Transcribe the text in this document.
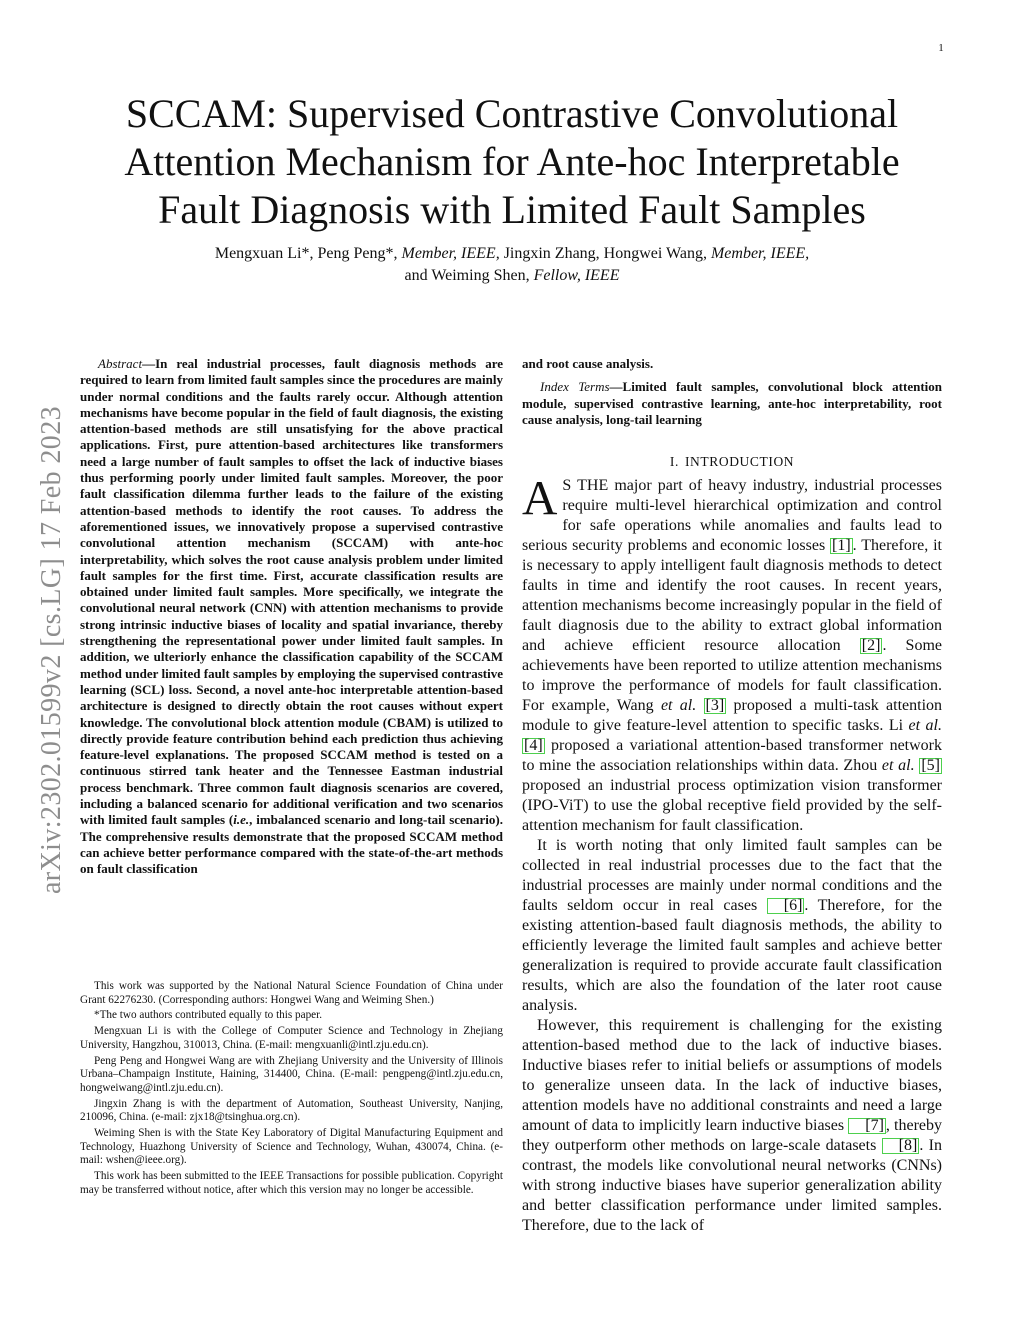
1
SCCAM: Supervised Contrastive Convolutional
Attention Mechanism for Ante-hoc Interpretable
Fault Diagnosis with Limited Fault Samples
Mengxuan Li*, Peng Peng*, Member, IEEE, Jingxin Zhang, Hongwei Wang, Member, IEEE,
and Weiming Shen, Fellow, IEEE
arXiv:2302.01599v2 [cs.LG] 17 Feb 2023

Abstract—In real industrial processes, fault diagnosis methods are required to learn from limited fault samples since the procedures are mainly under normal conditions and the faults rarely occur. Although attention mechanisms have become popular in the field of fault diagnosis, the existing attention-based methods are still unsatisfying for the above practical applications. First, pure attention-based architectures like transformers need a large number of fault samples to offset the lack of inductive biases thus performing poorly under limited fault samples. Moreover, the poor fault classification dilemma further leads to the failure of the existing attention-based methods to identify the root causes. To address the aforementioned issues, we innovatively propose a supervised contrastive convolutional attention mechanism (SCCAM) with ante-hoc interpretability, which solves the root cause analysis problem under limited fault samples for the first time. First, accurate classification results are obtained under limited fault samples. More specifically, we integrate the convolutional neural network (CNN) with attention mechanisms to provide strong intrinsic inductive biases of locality and spatial invariance, thereby strengthening the representational power under limited fault samples. In addition, we ulteriorly enhance the classification capability of the SCCAM method under limited fault samples by employing the supervised contrastive learning (SCL) loss. Second, a novel ante-hoc interpretable attention-based architecture is designed to directly obtain the root causes without expert knowledge. The convolutional block attention module (CBAM) is utilized to directly provide feature contribution behind each prediction thus achieving feature-level explanations. The proposed SCCAM method is tested on a continuous stirred tank heater and the Tennessee Eastman industrial process benchmark. Three common fault diagnosis scenarios are covered, including a balanced scenario for additional verification and two scenarios with limited fault samples (i.e., imbalanced scenario and long-tail scenario). The comprehensive results demonstrate that the proposed SCCAM method can achieve better performance compared with the state-of-the-art methods on fault classification

This work was supported by the National Natural Science Foundation of China under Grant 62276230. (Corresponding authors: Hongwei Wang and Weiming Shen.)

*The two authors contributed equally to this paper.

Mengxuan Li is with the College of Computer Science and Technology in Zhejiang University, Hangzhou, 310013, China. (E-mail: mengxuanli@intl.zju.edu.cn).

Peng Peng and Hongwei Wang are with Zhejiang University and the University of Illinois Urbana–Champaign Institute, Haining, 314400, China. (E-mail: pengpeng@intl.zju.edu.cn, hongweiwang@intl.zju.edu.cn).

Jingxin Zhang is with the department of Automation, Southeast University, Nanjing, 210096, China. (e-mail: zjx18@tsinghua.org.cn).

Weiming Shen is with the State Key Laboratory of Digital Manufacturing Equipment and Technology, Huazhong University of Science and Technology, Wuhan, 430074, China. (e-mail: wshen@ieee.org).

This work has been submitted to the IEEE Transactions for possible publication. Copyright may be transferred without notice, after which this version may no longer be accessible.

and root cause analysis.

Index Terms—Limited fault samples, convolutional block attention module, supervised contrastive learning, ante-hoc interpretability, root cause analysis, long-tail learning

I. INTRODUCTION

A S THE major part of heavy industry, industrial processes require multi-level hierarchical optimization and control for safe operations while anomalies and faults lead to serious security problems and economic losses [1] . Therefore, it is necessary to apply intelligent fault diagnosis methods to detect faults in time and identify the root causes. In recent years, attention mechanisms become increasingly popular in the field of fault diagnosis due to the ability to extract global information and achieve efficient resource allocation [2] . Some achievements have been reported to utilize attention mechanisms to improve the performance of models for fault classification. For example, Wang et al. [3] proposed a multi-task attention module to give feature-level attention to specific tasks. Li et al. [4] proposed a variational attention-based transformer network to mine the association relationships within data. Zhou et al. [5] proposed an industrial process optimization vision transformer (IPO-ViT) to use the global receptive field provided by the self-attention mechanism for fault classification.

It is worth noting that only limited fault samples can be collected in real industrial processes due to the fact that the industrial processes are mainly under normal conditions and the faults seldom occur in real cases [6] . Therefore, for the existing attention-based fault diagnosis methods, the ability to efficiently leverage the limited fault samples and achieve better generalization is required to provide accurate fault classification results, which are also the foundation of the later root cause analysis.

However, this requirement is challenging for the existing attention-based method due to the lack of inductive biases. Inductive biases refer to initial beliefs or assumptions of models to generalize unseen data. In the lack of inductive biases, attention models have no additional constraints and need a large amount of data to implicitly learn inductive biases [7] , thereby they outperform other methods on large-scale datasets [8] . In contrast, the models like convolutional neural networks (CNNs) with strong inductive biases have superior generalization ability and better classification performance under limited samples. Therefore, due to the lack of
